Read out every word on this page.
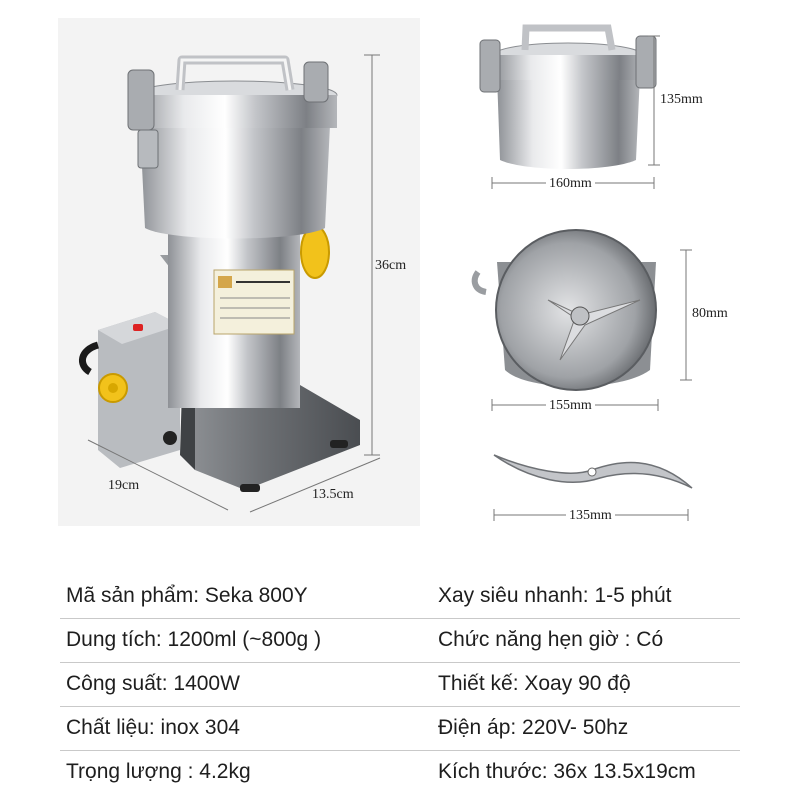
36cm
19cm
13.5cm
135mm
160mm
80mm
155mm
135mm
Mã sản phẩm: Seka 800Y	Xay siêu nhanh: 1-5 phút
Dung tích: 1200ml (~800g )	Chức năng hẹn giờ : Có
Công suất: 1400W	Thiết kế: Xoay 90 độ
Chất liệu: inox 304	Điện áp: 220V- 50hz
Trọng lượng : 4.2kg	Kích thước: 36x 13.5x19cm
